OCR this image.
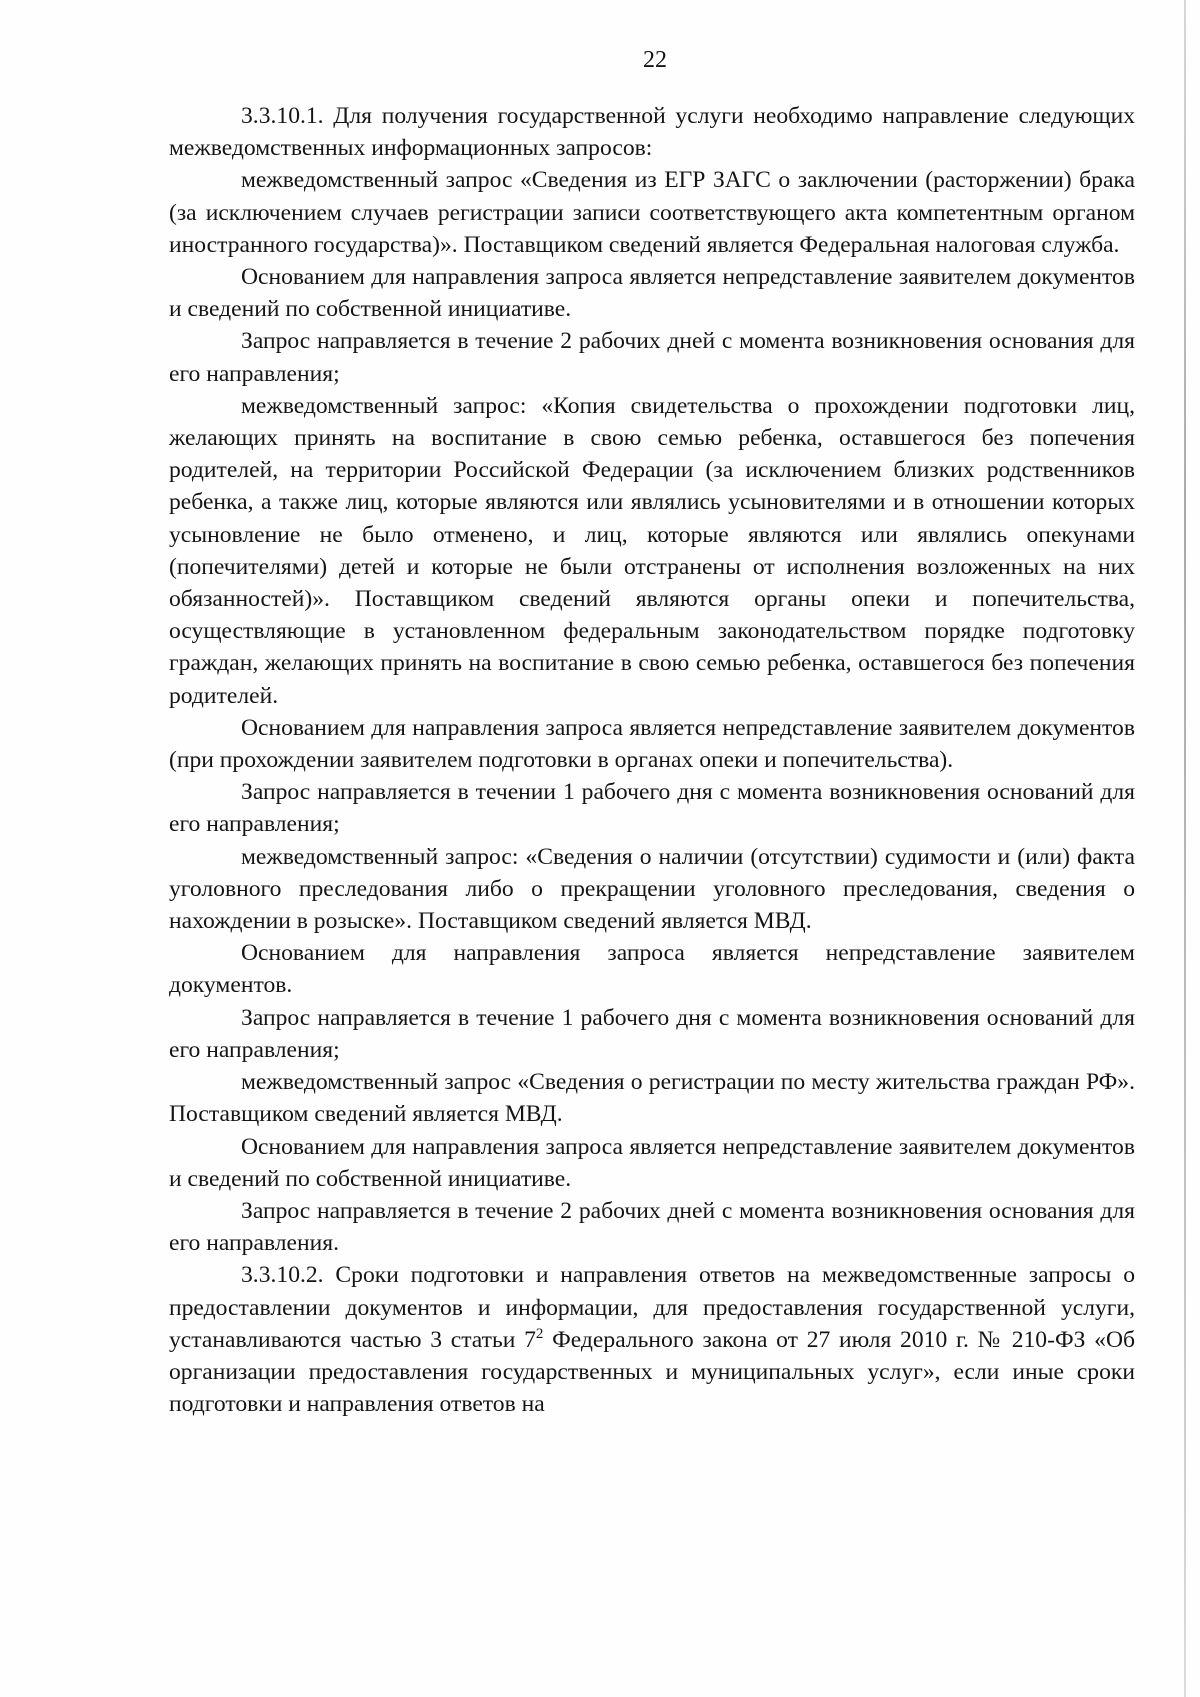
22

3.3.10.1. Для получения государственной услуги необходимо направление следующих межведомственных информационных запросов:

межведомственный запрос «Сведения из ЕГР ЗАГС о заключении (расторжении) брака (за исключением случаев регистрации записи соответствующего акта компетентным органом иностранного государства)». Поставщиком сведений является Федеральная налоговая служба.

Основанием для направления запроса является непредставление заявителем документов и сведений по собственной инициативе.

Запрос направляется в течение 2 рабочих дней с момента возникновения основания для его направления;

межведомственный запрос: «Копия свидетельства о прохождении подготовки лиц, желающих принять на воспитание в свою семью ребенка, оставшегося без попечения родителей, на территории Российской Федерации (за исключением близких родственников ребенка, а также лиц, которые являются или являлись усыновителями и в отношении которых усыновление не было отменено, и лиц, которые являются или являлись опекунами (попечителями) детей и которые не были отстранены от исполнения возложенных на них обязанностей)». Поставщиком сведений являются органы опеки и попечительства, осуществляющие в установленном федеральным законодательством порядке подготовку граждан, желающих принять на воспитание в свою семью ребенка, оставшегося без попечения родителей.

Основанием для направления запроса является непредставление заявителем документов (при прохождении заявителем подготовки в органах опеки и попечительства).

Запрос направляется в течении 1 рабочего дня с момента возникновения оснований для его направления;

межведомственный запрос: «Сведения о наличии (отсутствии) судимости и (или) факта уголовного преследования либо о прекращении уголовного преследования, сведения о нахождении в розыске». Поставщиком сведений является МВД.

Основанием для направления запроса является непредставление заявителем документов.

Запрос направляется в течение 1 рабочего дня с момента возникновения оснований для его направления;

межведомственный запрос «Сведения о регистрации по месту жительства граждан РФ». Поставщиком сведений является МВД.

Основанием для направления запроса является непредставление заявителем документов и сведений по собственной инициативе.

Запрос направляется в течение 2 рабочих дней с момента возникновения основания для его направления.

3.3.10.2. Сроки подготовки и направления ответов на межведомственные запросы о предоставлении документов и информации, для предоставления государственной услуги, устанавливаются частью 3 статьи $7^2$ Федерального закона от 27 июля 2010 г. № 210-ФЗ «Об организации предоставления государственных и муниципальных услуг», если иные сроки подготовки и направления ответов на
